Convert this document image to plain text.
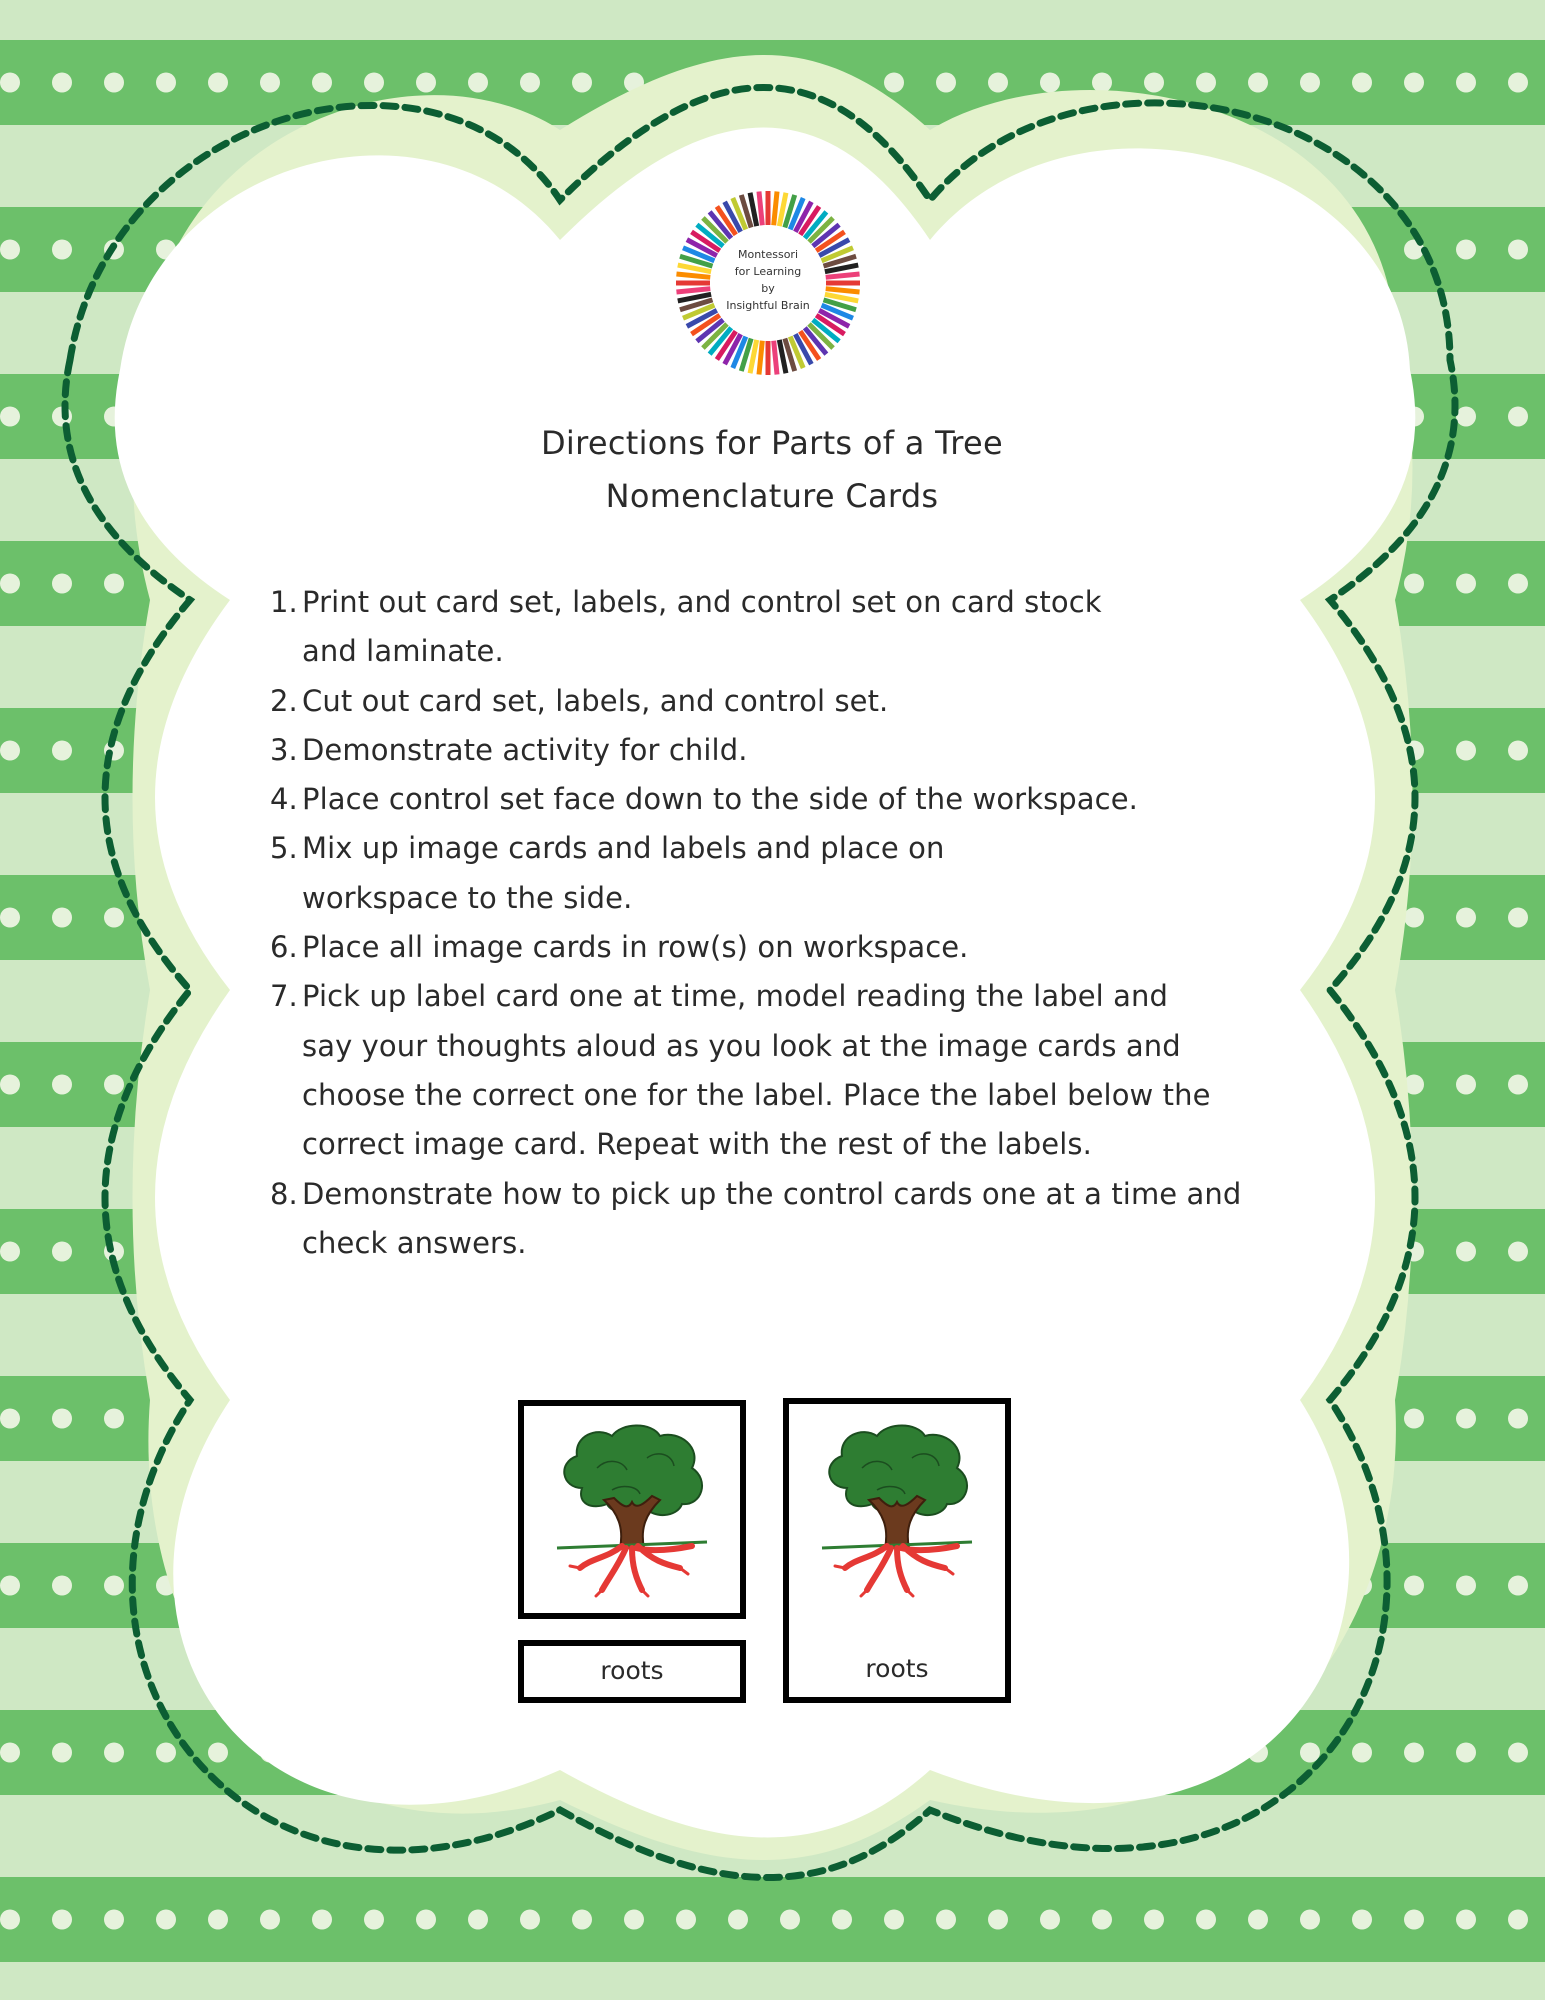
Montessori
for Learning
by
Insightful Brain
Directions for Parts of a Tree
Nomenclature Cards
1. Print out card set, labels, and control set on card stock
and laminate.
2. Cut out card set, labels, and control set.
3. Demonstrate activity for child.
4. Place control set face down to the side of the workspace.
5. Mix up image cards and labels and place on
workspace to the side.
6. Place all image cards in row(s) on workspace.
7. Pick up label card one at time, model reading the label and
say your thoughts aloud as you look at the image cards and
choose the correct one for the label. Place the label below the
correct image card. Repeat with the rest of the labels.
8. Demonstrate how to pick up the control cards one at a time and
check answers.
roots	roots
